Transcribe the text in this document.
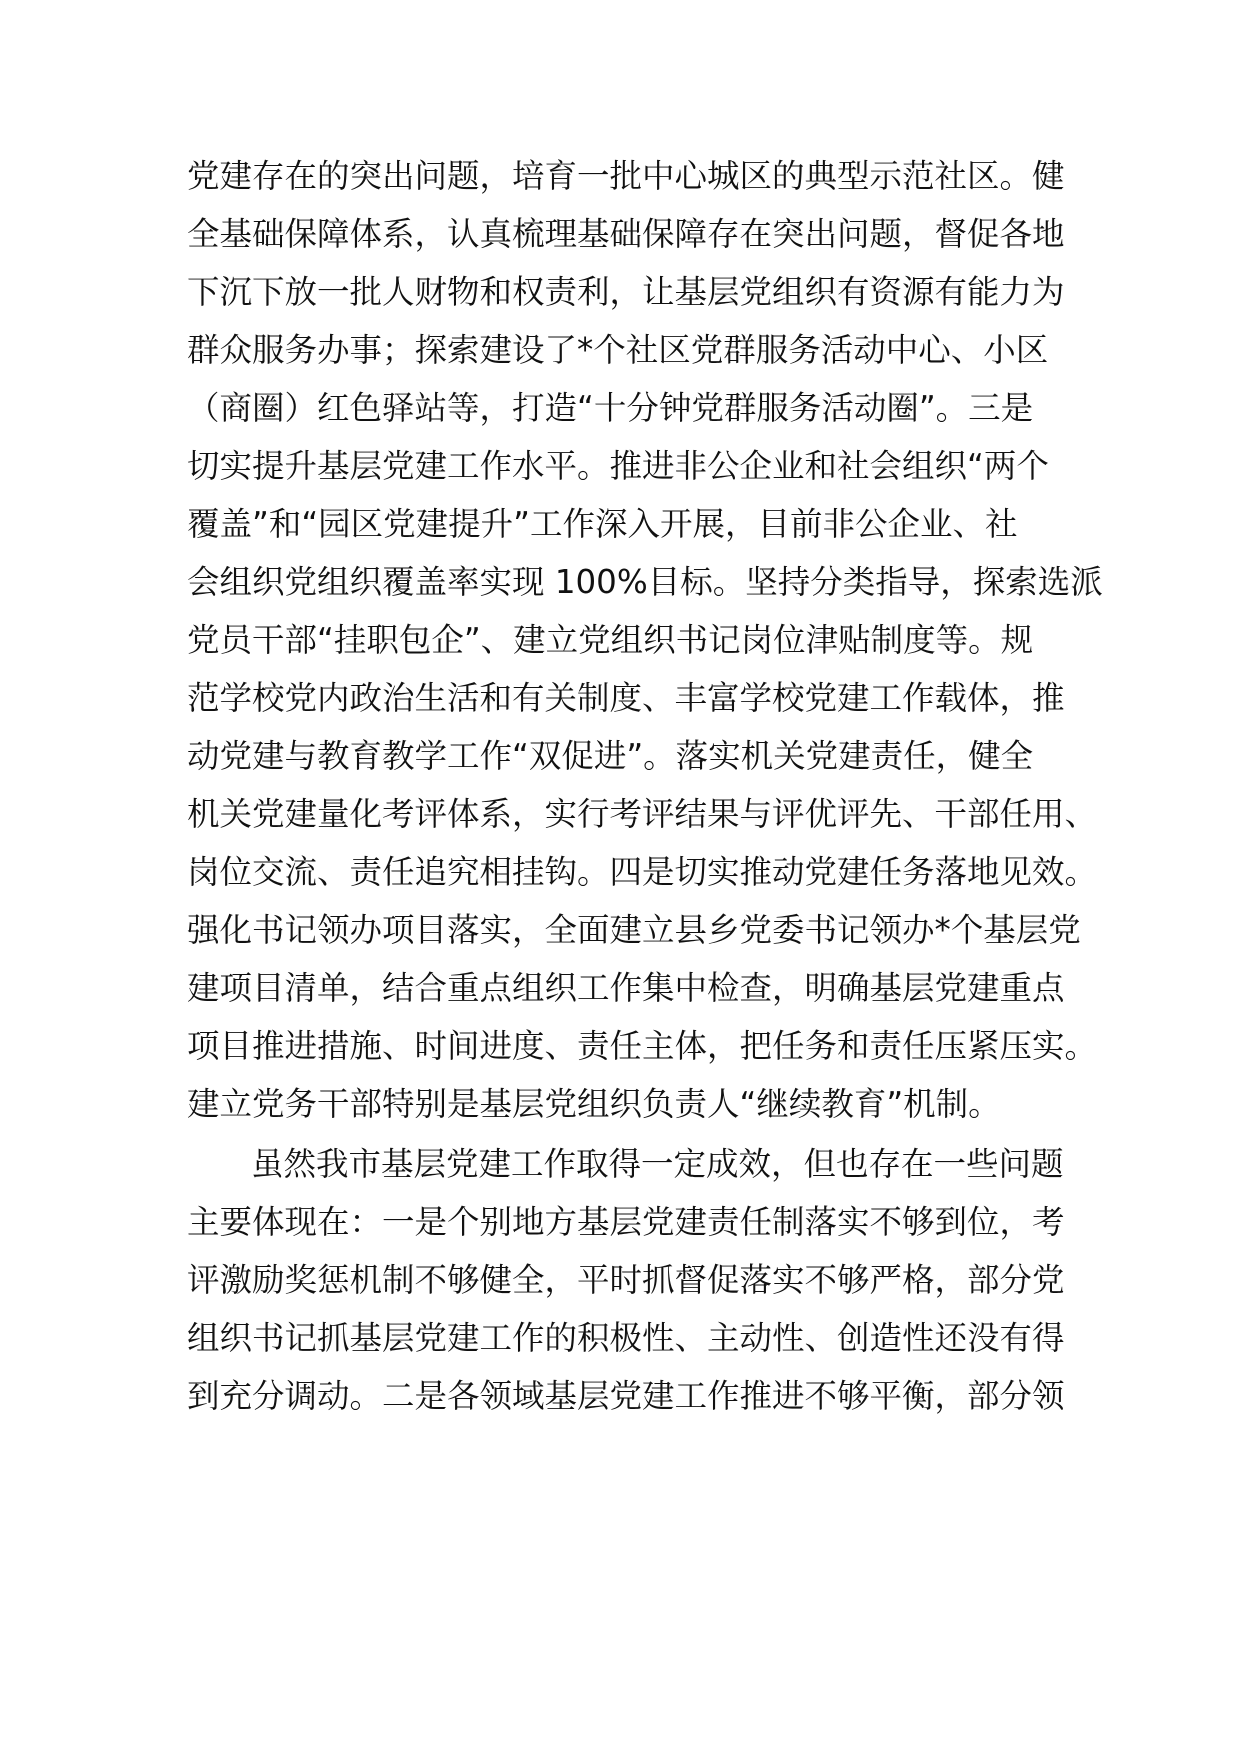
党建存在的突出问题，培育一批中心城区的典型示范社区。健
全基础保障体系，认真梳理基础保障存在突出问题，督促各地
下沉下放一批人财物和权责利，让基层党组织有资源有能力为
群众服务办事；探索建设了*个社区党群服务活动中心、小区
（商圈）红色驿站等，打造“十分钟党群服务活动圈”。三是
切实提升基层党建工作水平。推进非公企业和社会组织“两个
覆盖”和“园区党建提升”工作深入开展，目前非公企业、社
会组织党组织覆盖率实现 100%目标。坚持分类指导，探索选派
党员干部“挂职包企”、建立党组织书记岗位津贴制度等。规
范学校党内政治生活和有关制度、丰富学校党建工作载体，推
动党建与教育教学工作“双促进”。落实机关党建责任，健全
机关党建量化考评体系，实行考评结果与评优评先、干部任用、
岗位交流、责任追究相挂钩。四是切实推动党建任务落地见效。
强化书记领办项目落实，全面建立县乡党委书记领办*个基层党
建项目清单，结合重点组织工作集中检查，明确基层党建重点
项目推进措施、时间进度、责任主体，把任务和责任压紧压实。
建立党务干部特别是基层党组织负责人“继续教育”机制。
虽然我市基层党建工作取得一定成效，但也存在一些问题
主要体现在：一是个别地方基层党建责任制落实不够到位，考
评激励奖惩机制不够健全，平时抓督促落实不够严格，部分党
组织书记抓基层党建工作的积极性、主动性、创造性还没有得
到充分调动。二是各领域基层党建工作推进不够平衡，部分领
